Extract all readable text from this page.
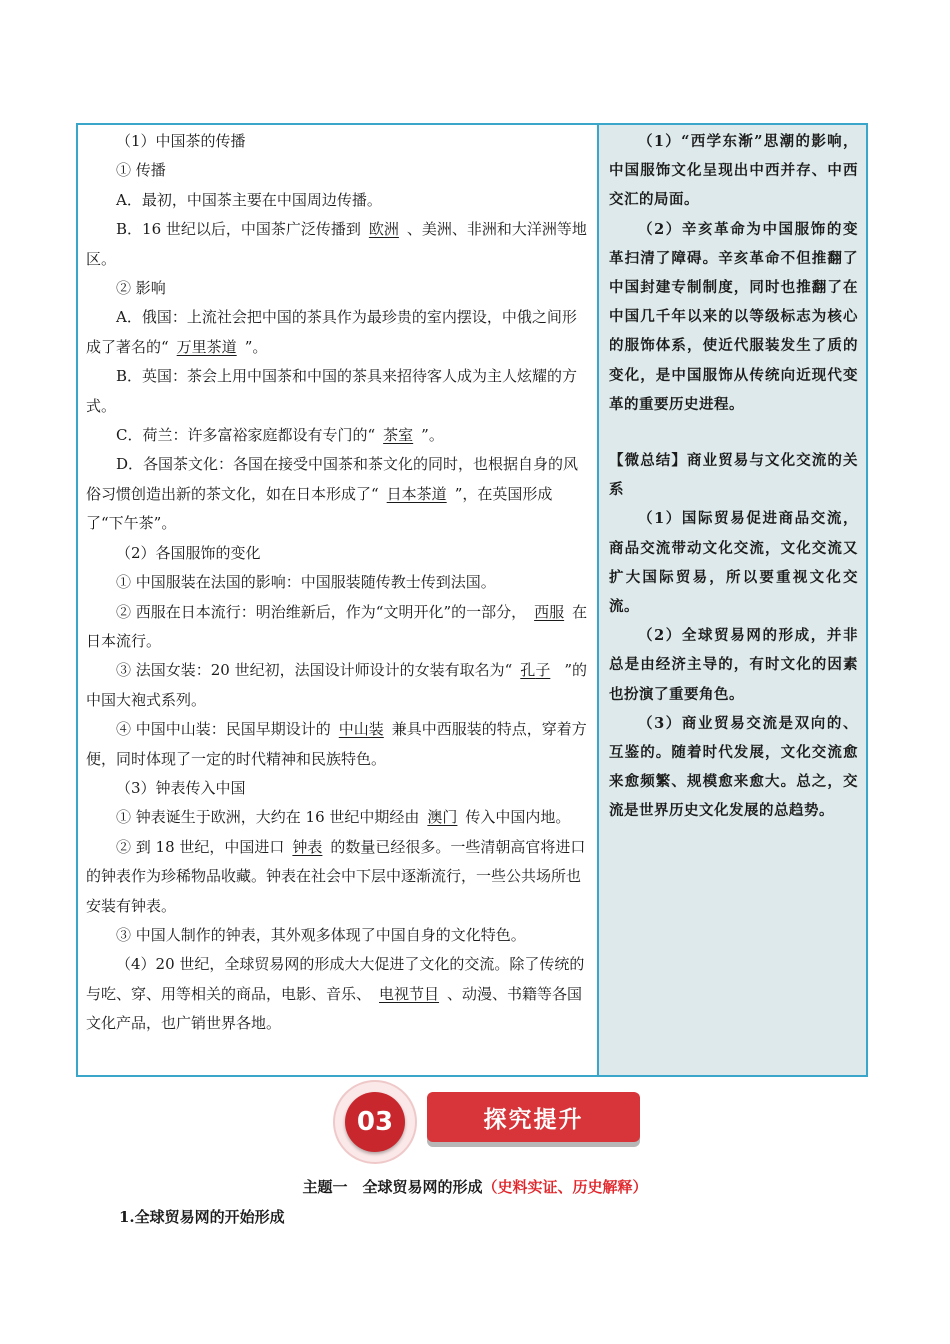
（1）中国茶的传播

① 传播

A．最初，中国茶主要在中国周边传播。

B．16 世纪以后，中国茶广泛传播到 欧洲 、美洲、非洲和大洋洲等地区。

② 影响

A．俄国：上流社会把中国的茶具作为最珍贵的室内摆设，中俄之间形成了著名的“ 万里茶道 ”。

B．英国：茶会上用中国茶和中国的茶具来招待客人成为主人炫耀的方式。

C．荷兰：许多富裕家庭都设有专门的“ 茶室 ”。

D．各国茶文化：各国在接受中国茶和茶文化的同时，也根据自身的风俗习惯创造出新的茶文化，如在日本形成了“ 日本茶道 ”，在英国形成了“下午茶”。

（2）各国服饰的变化

① 中国服装在法国的影响：中国服装随传教士传到法国。

② 西服在日本流行：明治维新后，作为“文明开化”的一部分， 西服 在日本流行。

③ 法国女装：20 世纪初，法国设计师设计的女装有取名为“ 孔子 ”的中国大袍式系列。

④ 中国中山装：民国早期设计的 中山装 兼具中西服装的特点，穿着方便，同时体现了一定的时代精神和民族特色。

（3）钟表传入中国

① 钟表诞生于欧洲，大约在 16 世纪中期经由 澳门 传入中国内地。

② 到 18 世纪，中国进口 钟表 的数量已经很多。一些清朝高官将进口的钟表作为珍稀物品收藏。钟表在社会中下层中逐渐流行，一些公共场所也安装有钟表。

③ 中国人制作的钟表，其外观多体现了中国自身的文化特色。

（4）20 世纪，全球贸易网的形成大大促进了文化的交流。除了传统的与吃、穿、用等相关的商品，电影、音乐、 电视节目 、动漫、书籍等各国文化产品，也广销世界各地。

（1）“西学东渐”思潮的影响，中国服饰文化呈现出中西并存、中西交汇的局面。

（2）辛亥革命为中国服饰的变革扫清了障碍。辛亥革命不但推翻了中国封建专制制度，同时也推翻了在中国几千年以来的以等级标志为核心的服饰体系，使近代服装发生了质的变化，是中国服饰从传统向近现代变革的重要历史进程。

【微总结】商业贸易与文化交流的关系

（1）国际贸易促进商品交流，商品交流带动文化交流，文化交流又扩大国际贸易，所以要重视文化交流。

（2）全球贸易网的形成，并非总是由经济主导的，有时文化的因素也扮演了重要角色。

（3）商业贸易交流是双向的、互鉴的。随着时代发展，文化交流愈来愈频繁、规模愈来愈大。总之，交流是世界历史文化发展的总趋势。

03	探究提升
主题一　全球贸易网的形成（史料实证、历史解释）
1.全球贸易网的开始形成
